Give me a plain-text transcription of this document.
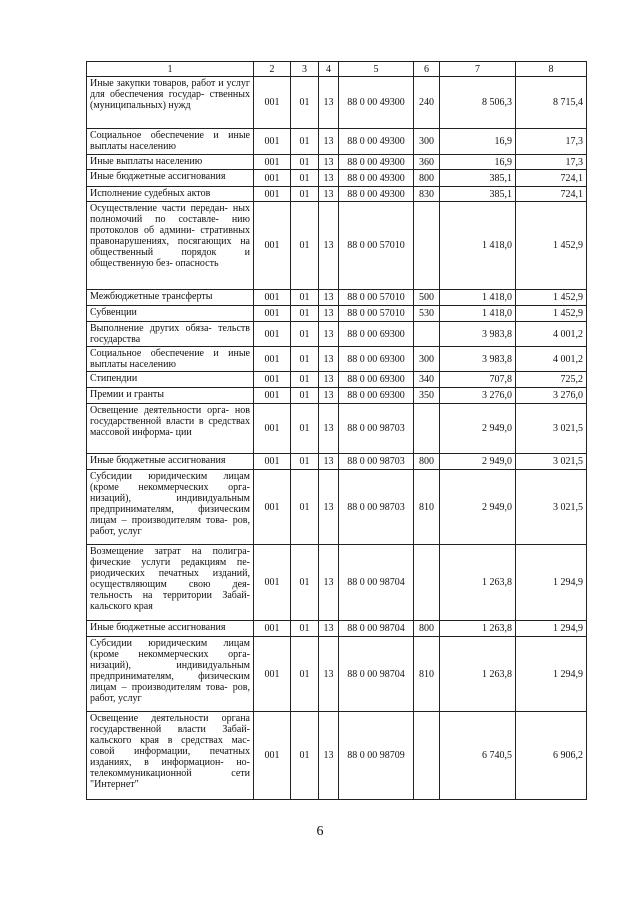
1	2	3	4	5	6	7	8
Иные закупки товаров, работ и услуг для обеспечения государ- ственных (муниципальных) нужд	001	01	13	88 0 00 49300	240	8 506,3	8 715,4
Социальное обеспечение и иные выплаты населению	001	01	13	88 0 00 49300	300	16,9	17,3
Иные выплаты населению	001	01	13	88 0 00 49300	360	16,9	17,3
Иные бюджетные ассигнования	001	01	13	88 0 00 49300	800	385,1	724,1
Исполнение судебных актов	001	01	13	88 0 00 49300	830	385,1	724,1
Осуществление части передан- ных полномочий по составле- нию протоколов об админи- стративных правонарушениях, посягающих на общественный порядок и общественную без- опасность	001	01	13	88 0 00 57010		1 418,0	1 452,9
Межбюджетные трансферты	001	01	13	88 0 00 57010	500	1 418,0	1 452,9
Субвенции	001	01	13	88 0 00 57010	530	1 418,0	1 452,9
Выполнение других обяза- тельств государства	001	01	13	88 0 00 69300		3 983,8	4 001,2
Социальное обеспечение и иные выплаты населению	001	01	13	88 0 00 69300	300	3 983,8	4 001,2
Стипендии	001	01	13	88 0 00 69300	340	707,8	725,2
Премии и гранты	001	01	13	88 0 00 69300	350	3 276,0	3 276,0
Освещение деятельности орга- нов государственной власти в средствах массовой информа- ции	001	01	13	88 0 00 98703		2 949,0	3 021,5
Иные бюджетные ассигнования	001	01	13	88 0 00 98703	800	2 949,0	3 021,5
Субсидии юридическим лицам (кроме некоммерческих орга- низаций), индивидуальным предпринимателям, физическим лицам – производителям това- ров, работ, услуг	001	01	13	88 0 00 98703	810	2 949,0	3 021,5
Возмещение затрат на полигра- фические услуги редакциям пе- риодических печатных изданий, осуществляющим свою дея- тельность на территории Забай- кальского края	001	01	13	88 0 00 98704		1 263,8	1 294,9
Иные бюджетные ассигнования	001	01	13	88 0 00 98704	800	1 263,8	1 294,9
Субсидии юридическим лицам (кроме некоммерческих орга- низаций), индивидуальным предпринимателям, физическим лицам – производителям това- ров, работ, услуг	001	01	13	88 0 00 98704	810	1 263,8	1 294,9
Освещение деятельности органа государственной власти Забай- кальского края в средствах мас- совой информации, печатных изданиях, в информацион- но-телекоммуникационной сети "Интернет"	001	01	13	88 0 00 98709		6 740,5	6 906,2
6
